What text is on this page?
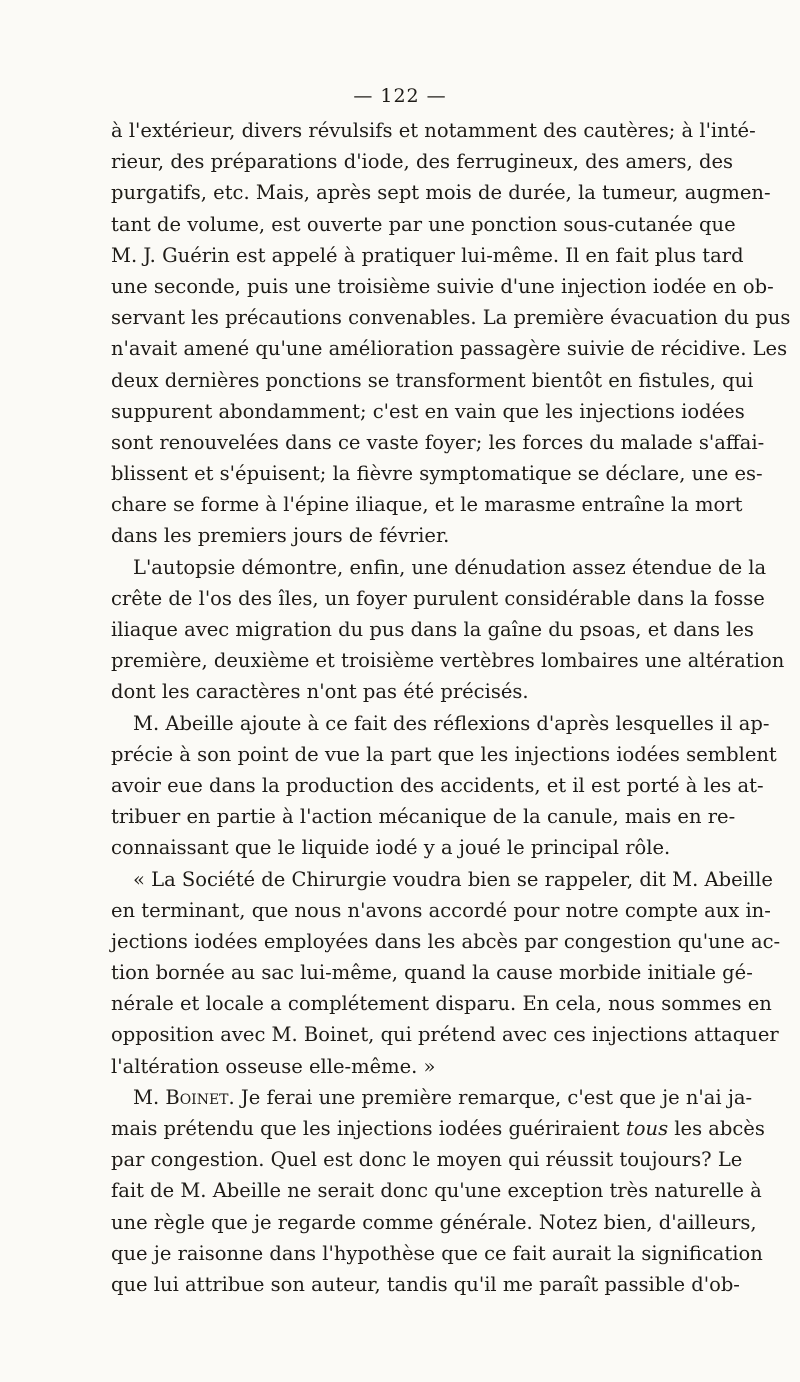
— 122 —
à l'extérieur, divers révulsifs et notamment des cautères; à l'inté-
rieur, des préparations d'iode, des ferrugineux, des amers, des
purgatifs, etc. Mais, après sept mois de durée, la tumeur, augmen-
tant de volume, est ouverte par une ponction sous-cutanée que
M. J. Guérin est appelé à pratiquer lui-même. Il en fait plus tard
une seconde, puis une troisième suivie d'une injection iodée en ob-
servant les précautions convenables. La première évacuation du pus
n'avait amené qu'une amélioration passagère suivie de récidive. Les
deux dernières ponctions se transforment bientôt en fistules, qui
suppurent abondamment; c'est en vain que les injections iodées
sont renouvelées dans ce vaste foyer; les forces du malade s'affai-
blissent et s'épuisent; la fièvre symptomatique se déclare, une es-
chare se forme à l'épine iliaque, et le marasme entraîne la mort
dans les premiers jours de février.
L'autopsie démontre, enfin, une dénudation assez étendue de la
crête de l'os des îles, un foyer purulent considérable dans la fosse
iliaque avec migration du pus dans la gaîne du psoas, et dans les
première, deuxième et troisième vertèbres lombaires une altération
dont les caractères n'ont pas été précisés.
M. Abeille ajoute à ce fait des réflexions d'après lesquelles il ap-
précie à son point de vue la part que les injections iodées semblent
avoir eue dans la production des accidents, et il est porté à les at-
tribuer en partie à l'action mécanique de la canule, mais en re-
connaissant que le liquide iodé y a joué le principal rôle.
« La Société de Chirurgie voudra bien se rappeler, dit M. Abeille
en terminant, que nous n'avons accordé pour notre compte aux in-
jections iodées employées dans les abcès par congestion qu'une ac-
tion bornée au sac lui-même, quand la cause morbide initiale gé-
nérale et locale a complétement disparu. En cela, nous sommes en
opposition avec M. Boinet, qui prétend avec ces injections attaquer
l'altération osseuse elle-même. »
M. Boinet. Je ferai une première remarque, c'est que je n'ai ja-
mais prétendu que les injections iodées guériraient tous les abcès
par congestion. Quel est donc le moyen qui réussit toujours? Le
fait de M. Abeille ne serait donc qu'une exception très naturelle à
une règle que je regarde comme générale. Notez bien, d'ailleurs,
que je raisonne dans l'hypothèse que ce fait aurait la signification
que lui attribue son auteur, tandis qu'il me paraît passible d'ob-
